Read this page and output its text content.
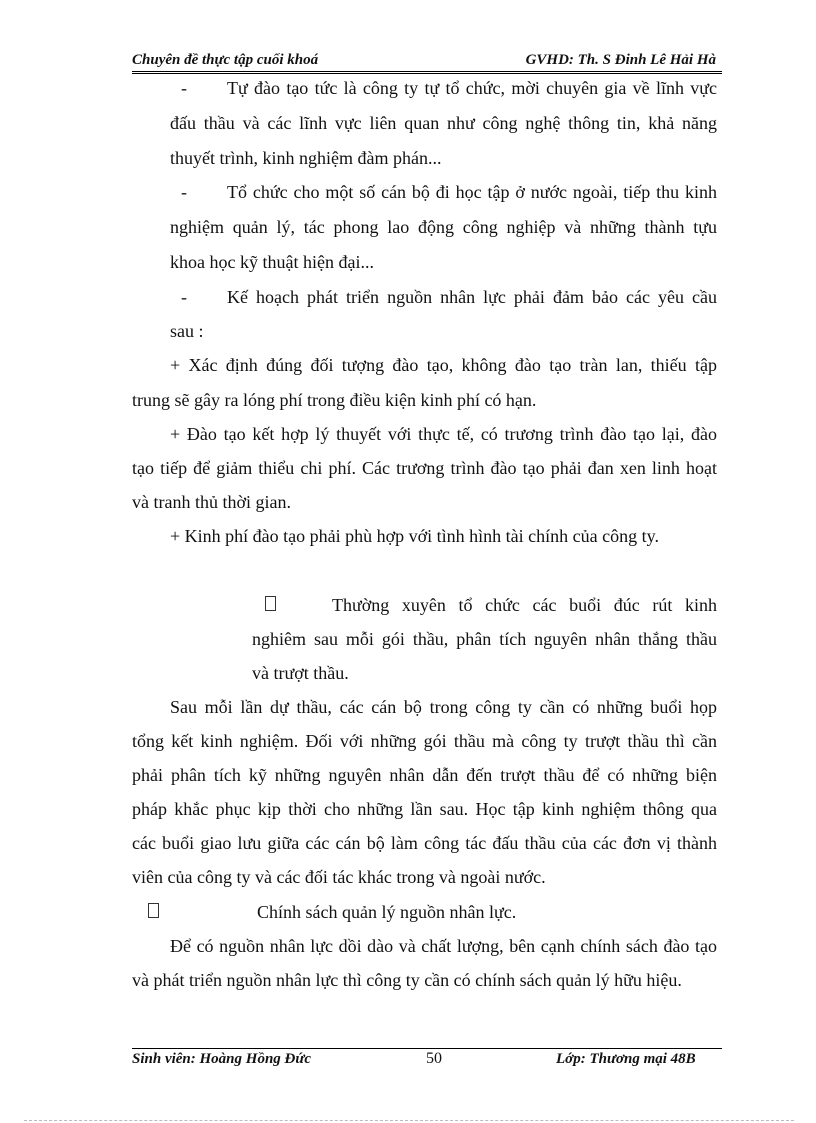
Chuyên đề thực tập cuối khoá	GVHD: Th. S Đinh Lê Hải Hà
- Tự đào tạo tức là công ty tự tổ chức, mời chuyên gia về lĩnh vực
đấu thầu và các lĩnh vực liên quan như công nghệ thông tin, khả năng
thuyết trình, kinh nghiệm đàm phán...
- Tổ chức cho một số cán bộ đi học tập ở nước ngoài, tiếp thu kinh
nghiệm quản lý, tác phong lao động công nghiệp và những thành tựu
khoa học kỹ thuật hiện đại...
- Kế hoạch phát triển nguồn nhân lực phải đảm bảo các yêu cầu
sau :
+ Xác định đúng đối tượng đào tạo, không đào tạo tràn lan, thiếu tập
trung sẽ gây ra lóng phí trong điều kiện kinh phí có hạn.
+ Đào tạo kết hợp lý thuyết với thực tế, có trương trình đào tạo lại, đào
tạo tiếp để giảm thiểu chi phí. Các trương trình đào tạo phải đan xen linh hoạt
và tranh thủ thời gian.
+ Kinh phí đào tạo phải phù hợp với tình hình tài chính của công ty.
Thường xuyên tổ chức các buổi đúc rút kinh
nghiêm sau mỗi gói thầu, phân tích nguyên nhân thắng thầu
và trượt thầu.
Sau mỗi lần dự thầu, các cán bộ trong công ty cần có những buổi họp
tổng kết kinh nghiệm. Đối với những gói thầu mà công ty trượt thầu thì cần
phải phân tích kỹ những nguyên nhân dẫn đến trượt thầu để có những biện
pháp khắc phục kịp thời cho những lần sau. Học tập kinh nghiệm thông qua
các buổi giao lưu giữa các cán bộ làm công tác đấu thầu của các đơn vị thành
viên của công ty và các đối tác khác trong và ngoài nước.
Chính sách quản lý nguồn nhân lực.
Để có nguồn nhân lực dồi dào và chất lượng, bên cạnh chính sách đào tạo
và phát triển nguồn nhân lực thì công ty cần có chính sách quản lý hữu hiệu.
Sinh viên: Hoàng Hồng Đức	50	Lớp: Thương mại 48B
